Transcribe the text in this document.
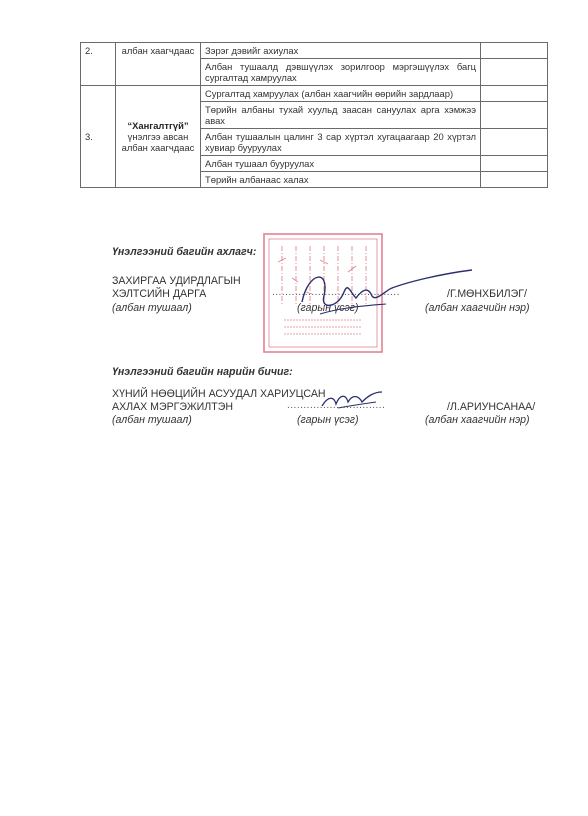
2.	албан хаагчдаас	Зэрэг дэвийг ахиулах	
		Албан тушаалд дэвшүүлэх зорилгоор мэргэшүүлэх багц сургалтад хамруулах	
3.	“Хангалтгүй” үнэлгээ авсан албан хаагчдаас	Сургалтад хамруулах (албан хаагчийн өөрийн зардлаар)	
		Төрийн албаны тухай хуульд заасан сануулах арга хэмжээ авах	
		Албан тушаалын цалинг 3 сар хүртэл хугацаагаар 20 хүртэл хувиар бууруулах	
		Албан тушаал бууруулах	
		Төрийн албанаас халах	
Үнэлгээний багийн ахлагч:
ЗАХИРГАА УДИРДЛАГЫН
ХЭЛТСИЙН ДАРГА	.......................................	/Г.МӨНХБИЛЭГ/
(албан тушаал)	(гарын үсэг)	(албан хаагчийн нэр)
Үнэлгээний багийн нарийн бичиг:
ХҮНИЙ НӨӨЦИЙН АСУУДАЛ ХАРИУЦСАН
АХЛАХ МЭРГЭЖИЛТЭН	..............................	/Л.АРИУНСАНАА/
(албан тушаал)	(гарын үсэг)	(албан хаагчийн нэр)
